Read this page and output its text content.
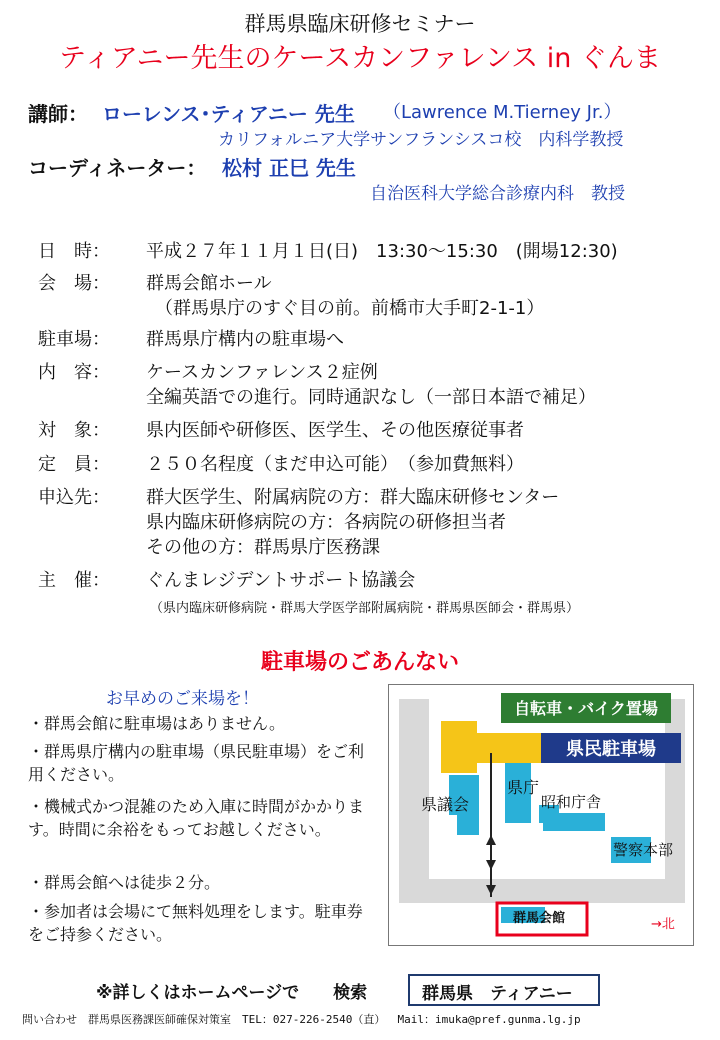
群馬県臨床研修セミナー
ティアニー先生のケースカンファレンス in ぐんま
講師： ローレンス･ティアニー 先生 （Lawrence M.Tierney Jr.）
カリフォルニア大学サンフランシスコ校　内科学教授
コーディネーター： 松村 正巳 先生
自治医科大学総合診療内科　教授
日　時： 平成２７年１１月１日(日)　13:30～15:30　(開場12:30)
会　場： 群馬会館ホール
　（群馬県庁のすぐ目の前。前橋市大手町2-1-1）
駐車場： 群馬県庁構内の駐車場へ
内　容： ケースカンファレンス２症例
全編英語での進行。同時通訳なし（一部日本語で補足）
対　象： 県内医師や研修医、医学生、その他医療従事者
定　員： ２５０名程度（まだ申込可能）　（参加費無料）
申込先： 群大医学生、附属病院の方：群大臨床研修センター
県内臨床研修病院の方：各病院の研修担当者
その他の方：群馬県庁医務課
主　催： ぐんまレジデントサポート協議会
（県内臨床研修病院・群馬大学医学部附属病院・群馬県医師会・群馬県）
駐車場のごあんない
お早めのご来場を！
・群馬会館に駐車場はありません。
・群馬県庁構内の駐車場（県民駐車場）をご利用ください。
・機械式かつ混雑のため入庫に時間がかかります。時間に余裕をもってお越しください。
・群馬会館へは徒歩２分。
・参加者は会場にて無料処理をします。駐車券をご持参ください。
自転車・バイク置場
県民駐車場
県議会
県庁
昭和庁舎
警察本部
群馬会館	→北
※詳しくはホームページで　　検索	群馬県　ティアニー
問い合わせ　群馬県医務課医師確保対策室　TEL：027-226-2540（直）　 Mail：imuka@pref.gunma.lg.jp
